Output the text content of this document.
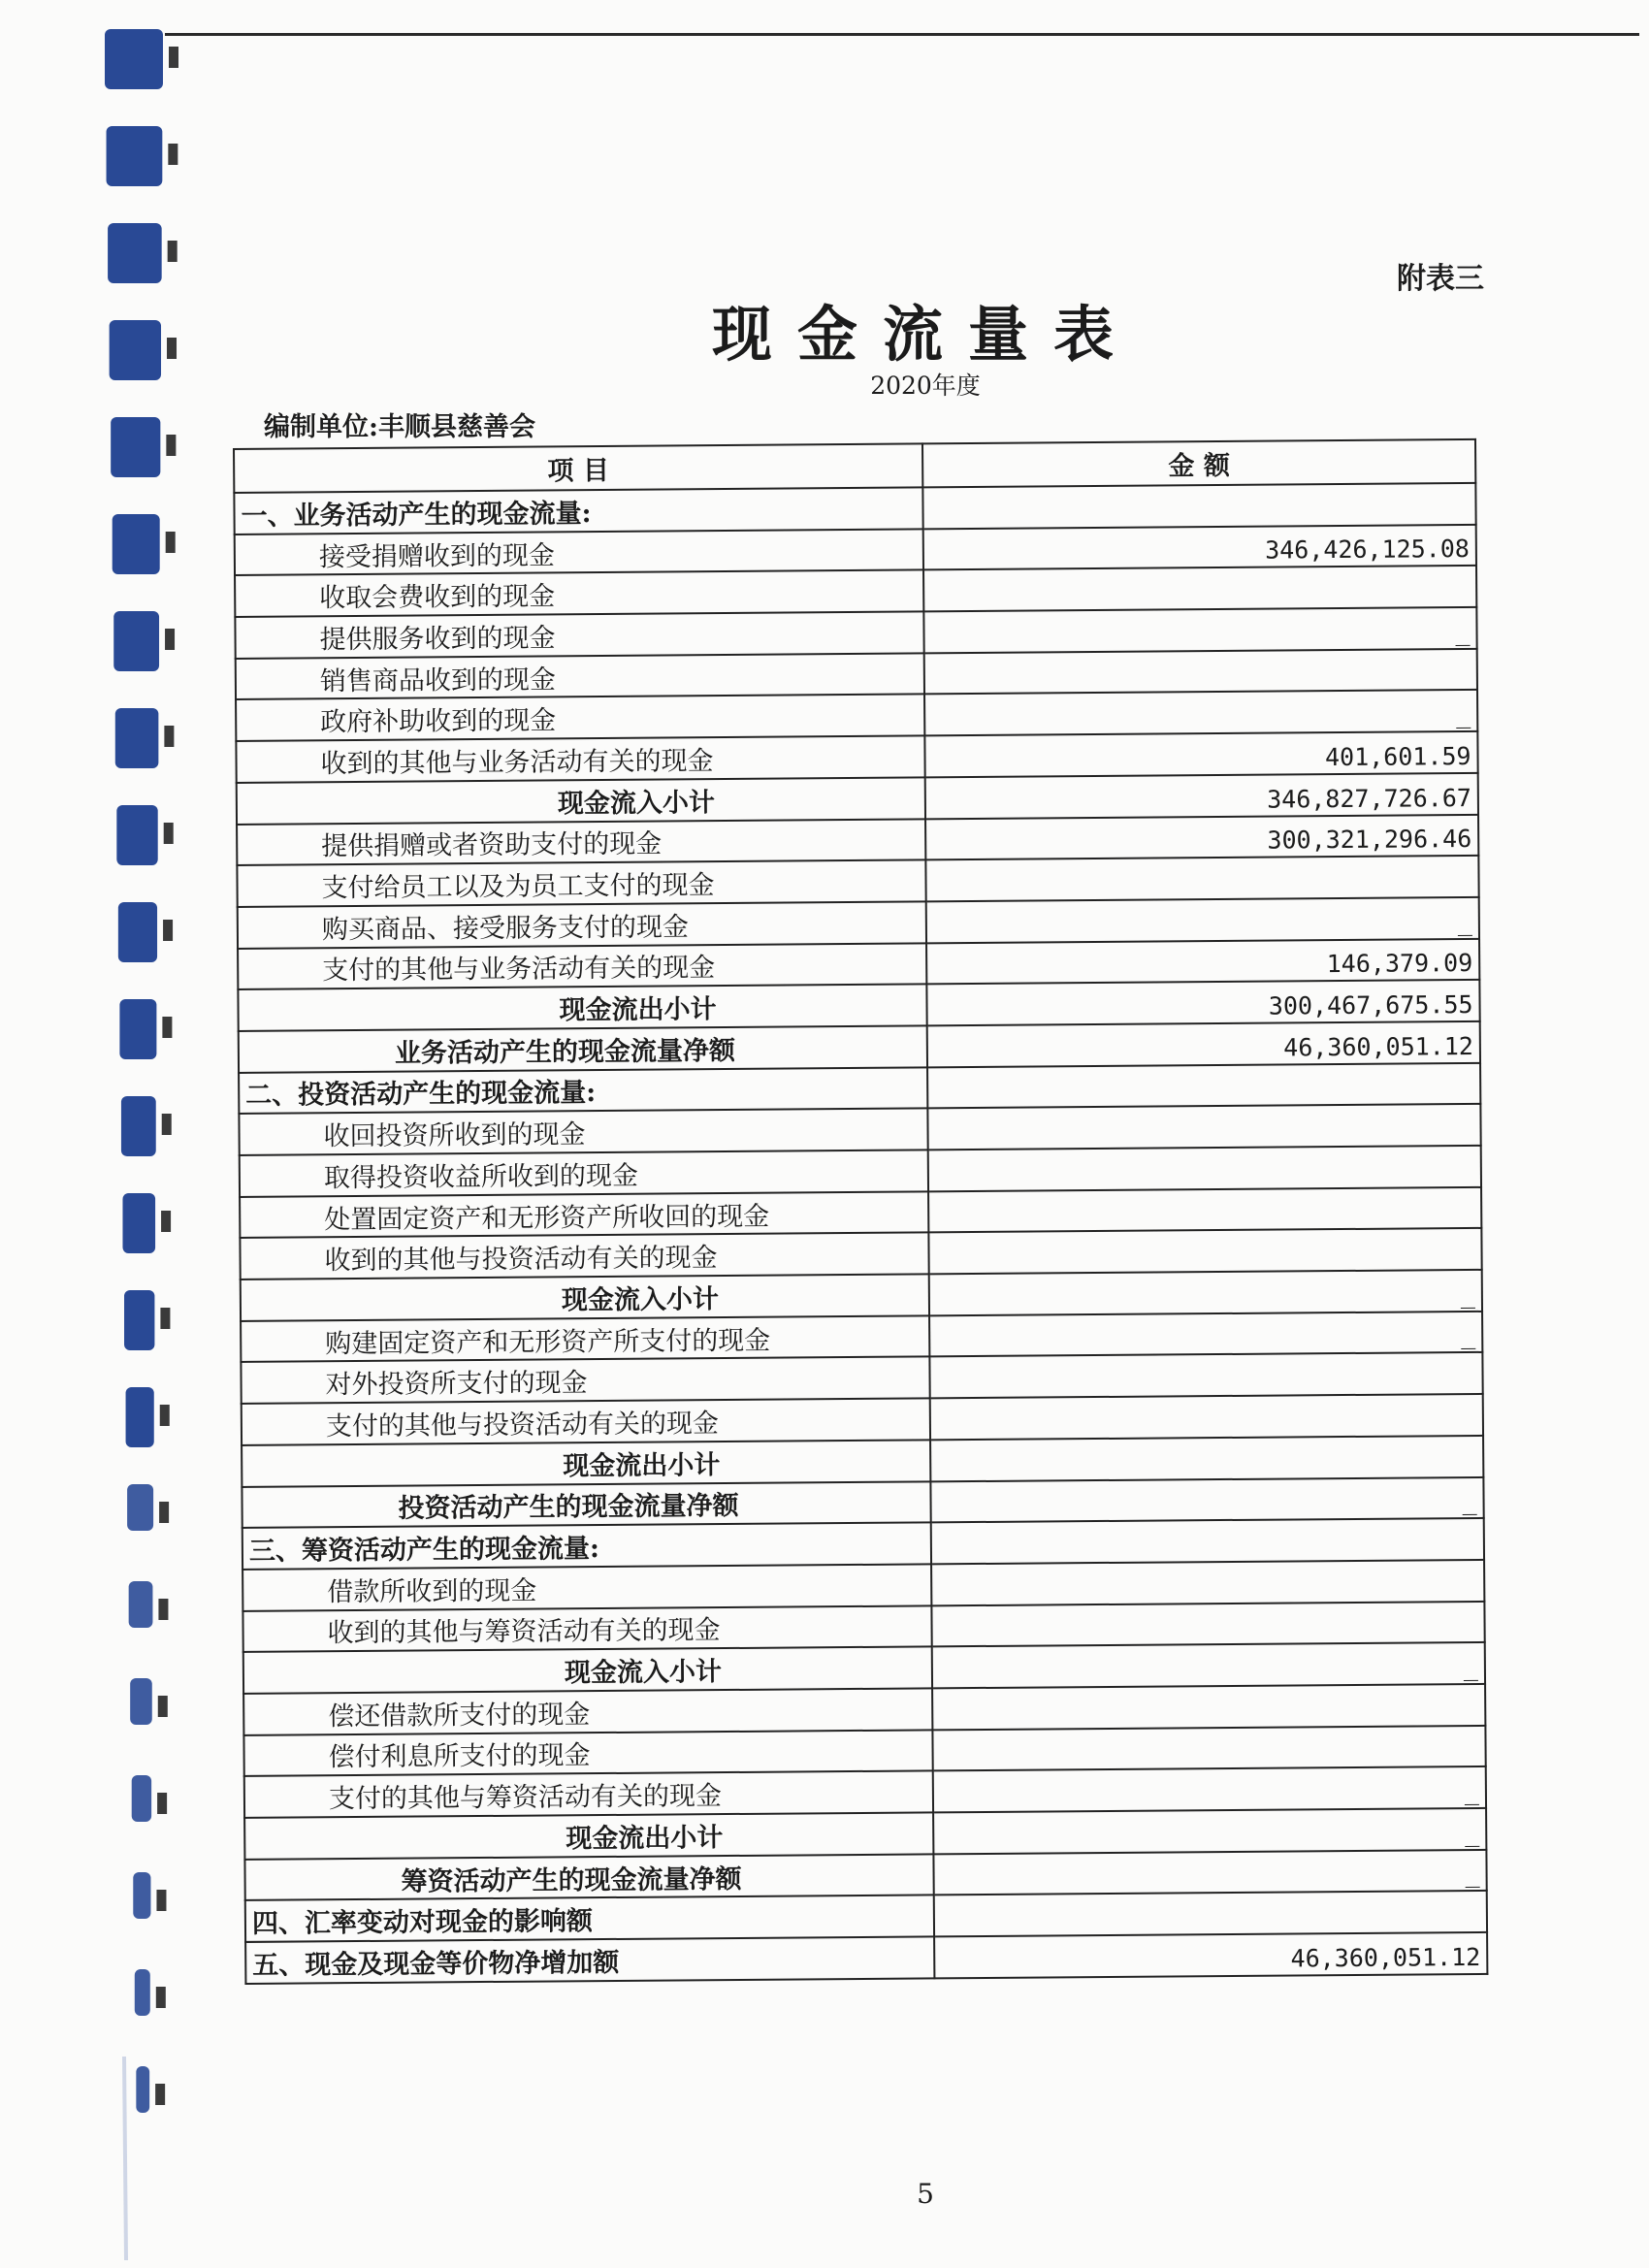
附表三
现金流量表
2020年度
编制单位:丰顺县慈善会
项 目	金 额
一、业务活动产生的现金流量:	
接受捐赠收到的现金	346,426,125.08
收取会费收到的现金	
提供服务收到的现金	_
销售商品收到的现金	
政府补助收到的现金	_
收到的其他与业务活动有关的现金	401,601.59
现金流入小计	346,827,726.67
提供捐赠或者资助支付的现金	300,321,296.46
支付给员工以及为员工支付的现金	
购买商品、接受服务支付的现金	_
支付的其他与业务活动有关的现金	146,379.09
现金流出小计	300,467,675.55
业务活动产生的现金流量净额	46,360,051.12
二、投资活动产生的现金流量:	
收回投资所收到的现金	
取得投资收益所收到的现金	
处置固定资产和无形资产所收回的现金	
收到的其他与投资活动有关的现金	
现金流入小计	_
购建固定资产和无形资产所支付的现金	_
对外投资所支付的现金	
支付的其他与投资活动有关的现金	
现金流出小计	
投资活动产生的现金流量净额	_
三、筹资活动产生的现金流量:	
借款所收到的现金	
收到的其他与筹资活动有关的现金	
现金流入小计	_
偿还借款所支付的现金	
偿付利息所支付的现金	
支付的其他与筹资活动有关的现金	_
现金流出小计	_
筹资活动产生的现金流量净额	_
四、汇率变动对现金的影响额	
五、现金及现金等价物净增加额	46,360,051.12
5
